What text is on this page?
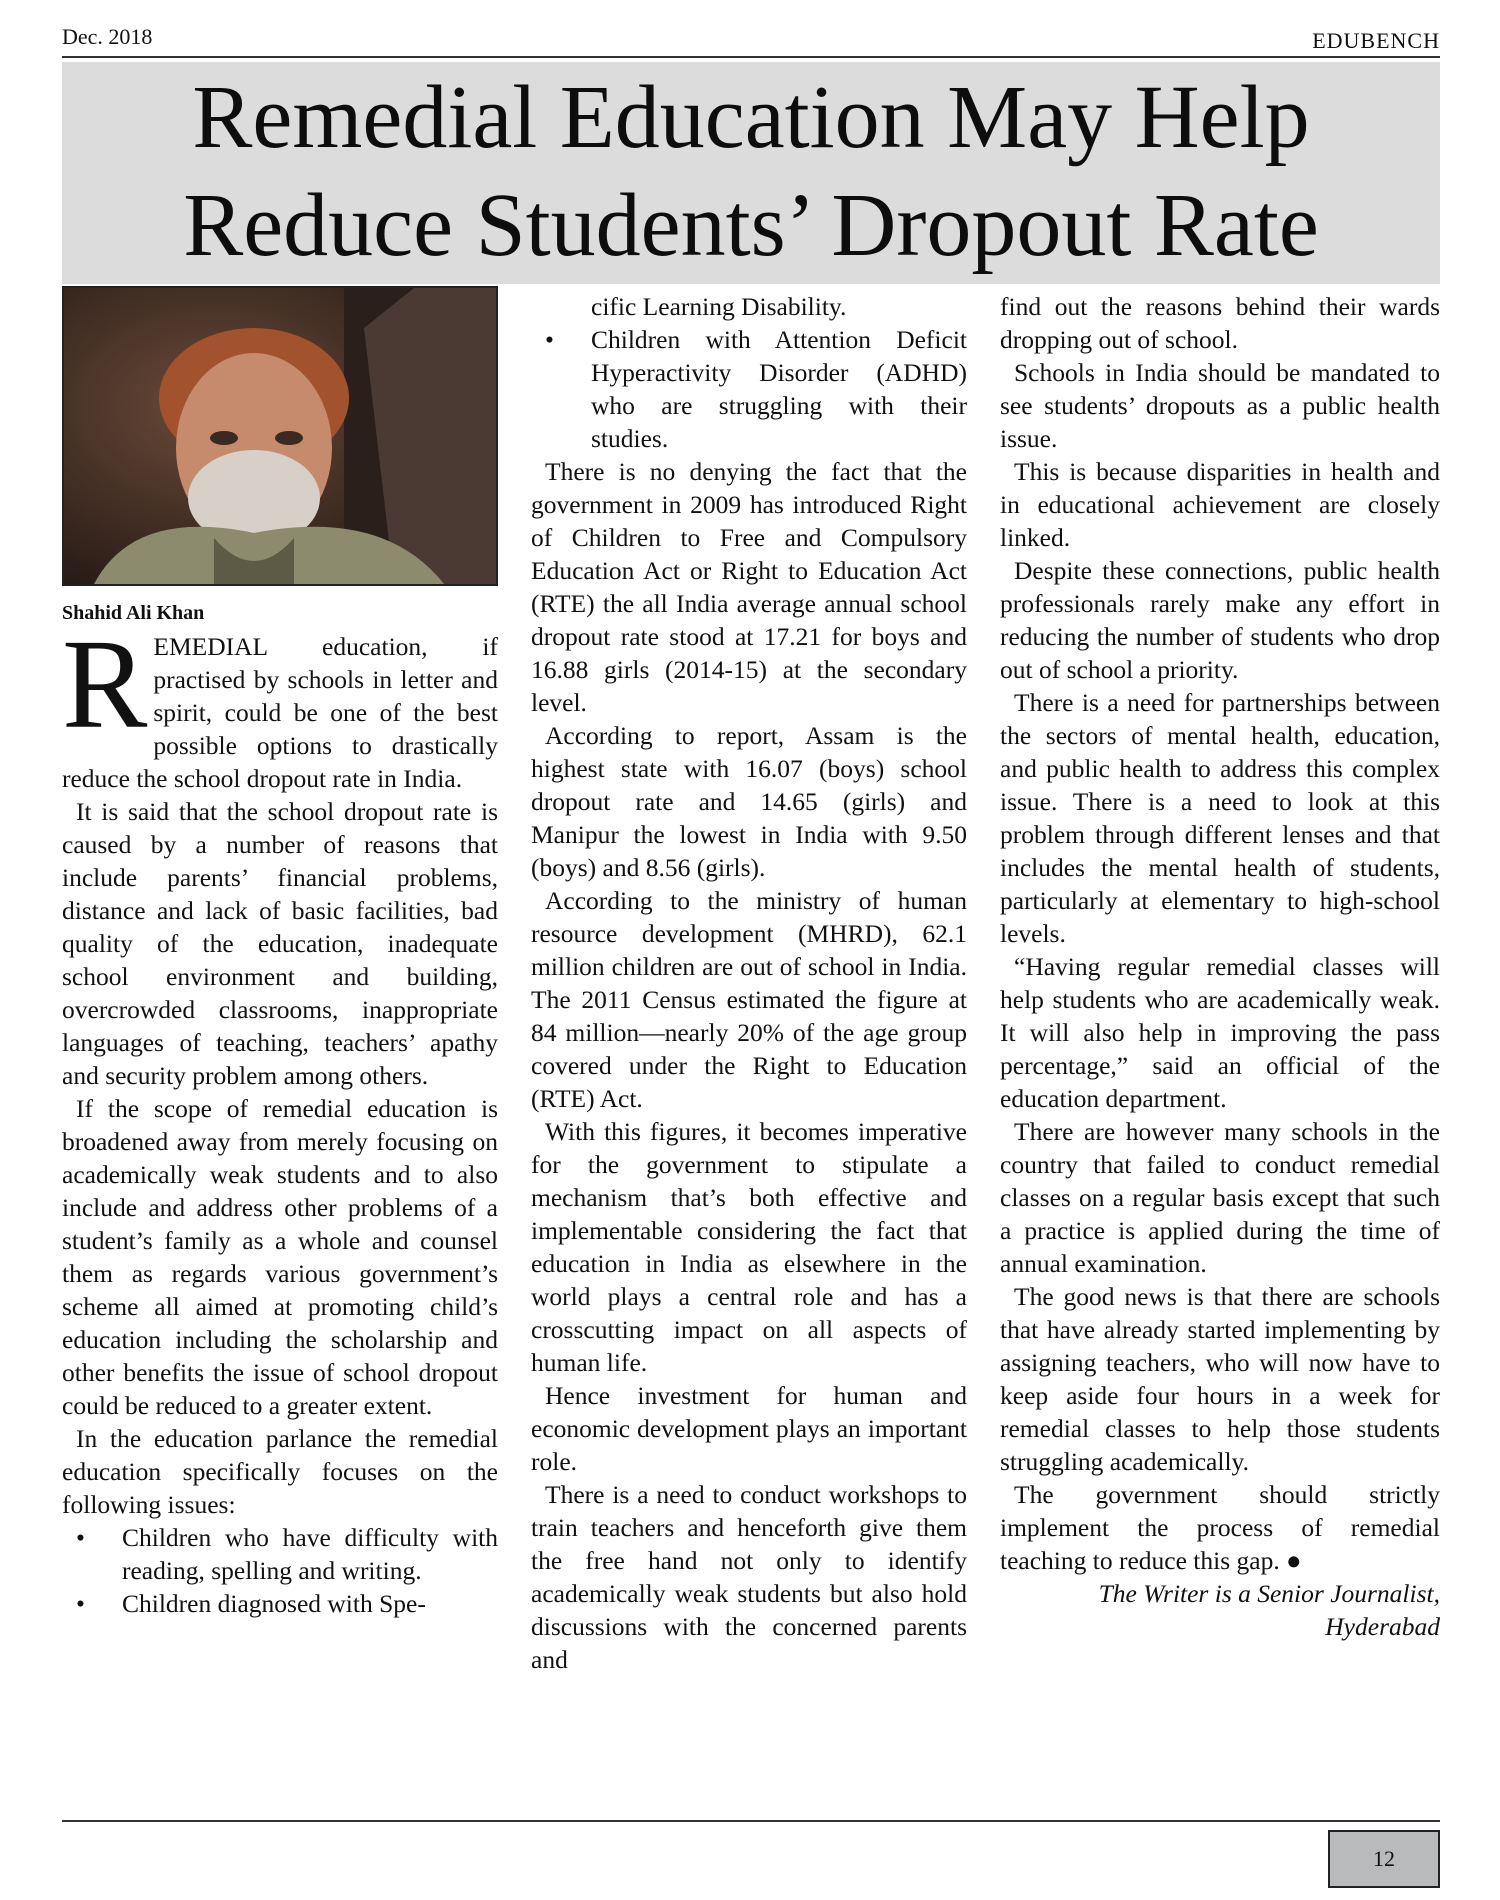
Dec. 2018	EDUBENCH
Remedial Education May Help
Reduce Students’ Dropout Rate
Shahid Ali Khan

REMEDIAL education, if practised by schools in letter and spirit, could be one of the best possible options to drastically reduce the school dropout rate in India.

It is said that the school dropout rate is caused by a number of reasons that include parents’ financial problems, distance and lack of basic facilities, bad quality of the education, inadequate school environment and building, overcrowded classrooms, inappropriate languages of teaching, teachers’ apathy and security problem among others.

If the scope of remedial education is broadened away from merely focusing on academically weak students and to also include and address other problems of a student’s family as a whole and counsel them as regards various government’s scheme all aimed at promoting child’s education including the scholarship and other benefits the issue of school dropout could be reduced to a greater extent.

In the education parlance the remedial education specifically focuses on the following issues:

• Children who have difficulty with reading, spelling and writing.
• Children diagnosed with Spe-
cific Learning Disability.
• Children with Attention Deficit Hyperactivity Disorder (ADHD) who are struggling with their studies.

There is no denying the fact that the government in 2009 has introduced Right of Children to Free and Compulsory Education Act or Right to Education Act (RTE) the all India average annual school dropout rate stood at 17.21 for boys and 16.88 girls (2014-15) at the secondary level.

According to report, Assam is the highest state with 16.07 (boys) school dropout rate and 14.65 (girls) and Manipur the lowest in India with 9.50 (boys) and 8.56 (girls).

According to the ministry of human resource development (MHRD), 62.1 million children are out of school in India. The 2011 Census estimated the figure at 84 million—nearly 20% of the age group covered under the Right to Education (RTE) Act.

With this figures, it becomes imperative for the government to stipulate a mechanism that’s both effective and implementable considering the fact that education in India as elsewhere in the world plays a central role and has a crosscutting impact on all aspects of human life.

Hence investment for human and economic development plays an important role.

There is a need to conduct workshops to train teachers and henceforth give them the free hand not only to identify academically weak students but also hold discussions with the concerned parents and

find out the reasons behind their wards dropping out of school.

Schools in India should be mandated to see students’ dropouts as a public health issue.

This is because disparities in health and in educational achievement are closely linked.

Despite these connections, public health professionals rarely make any effort in reducing the number of students who drop out of school a priority.

There is a need for partnerships between the sectors of mental health, education, and public health to address this complex issue. There is a need to look at this problem through different lenses and that includes the mental health of students, particularly at elementary to high-school levels.

“Having regular remedial classes will help students who are academically weak. It will also help in improving the pass percentage,” said an official of the education department.

There are however many schools in the country that failed to conduct remedial classes on a regular basis except that such a practice is applied during the time of annual examination.

The good news is that there are schools that have already started implementing by assigning teachers, who will now have to keep aside four hours in a week for remedial classes to help those students struggling academically.

The government should strictly implement the process of remedial teaching to reduce this gap. ●

The Writer is a Senior Journalist,
Hyderabad
12
